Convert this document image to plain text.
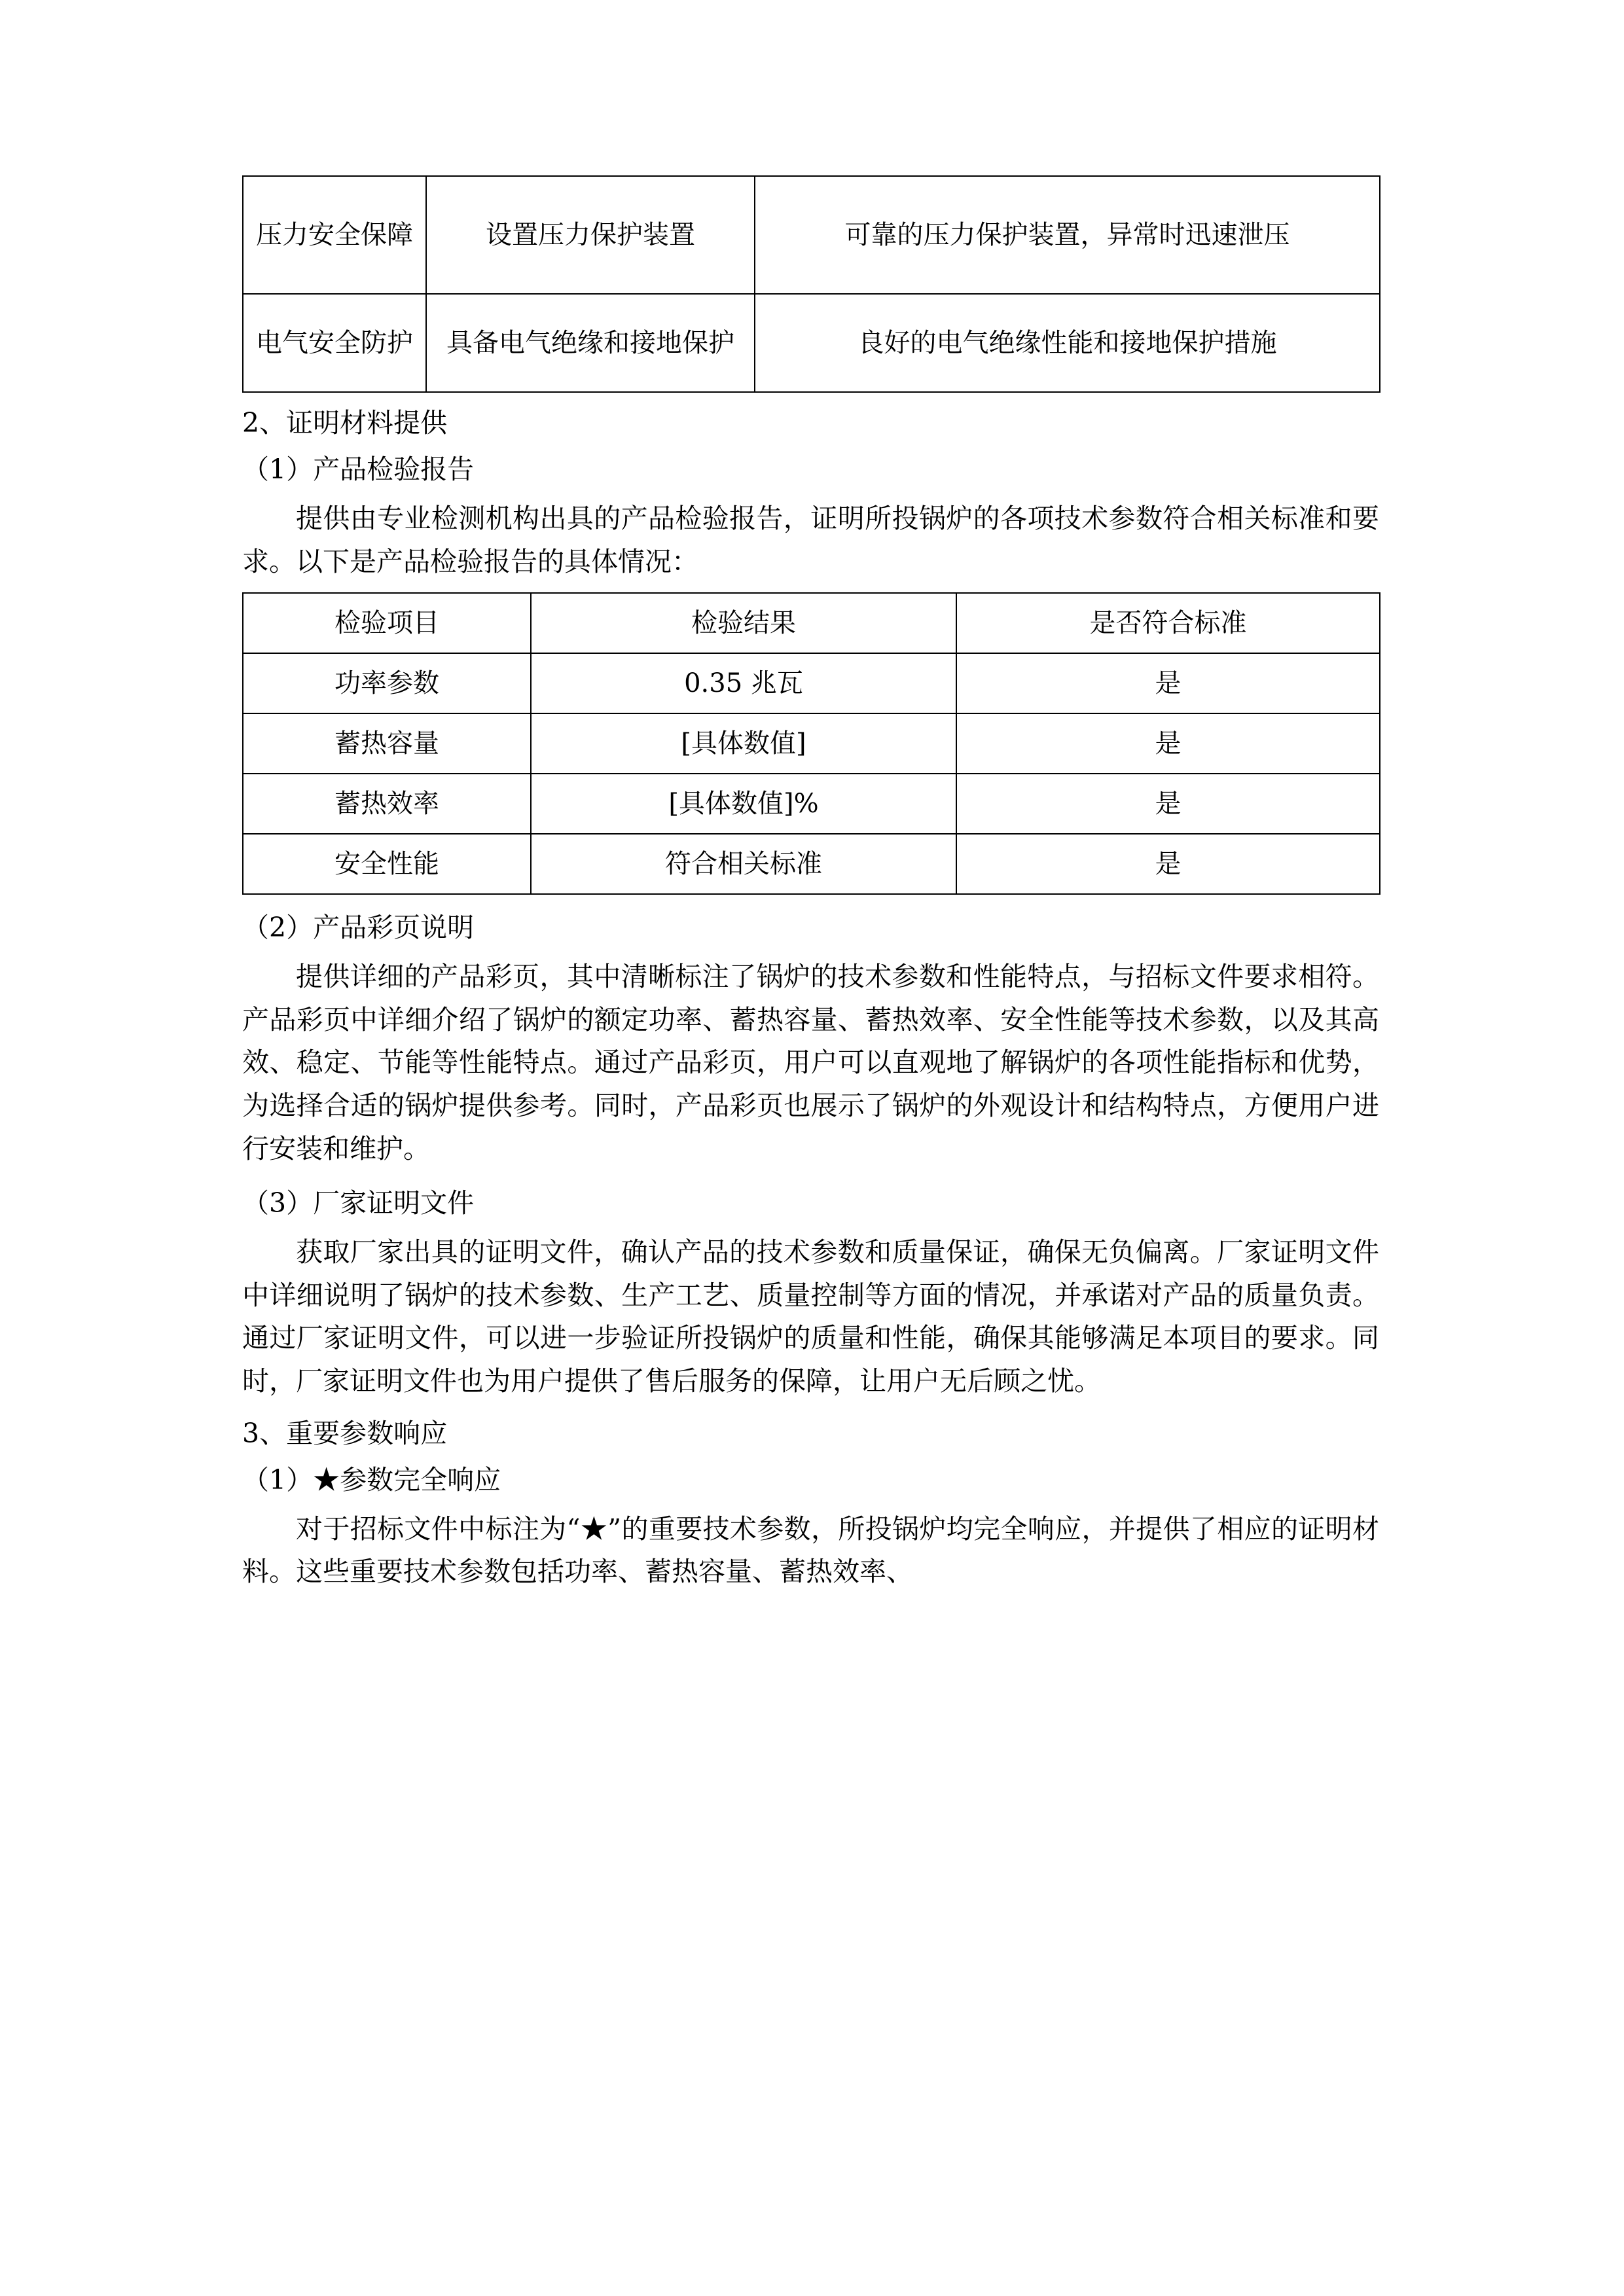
压力安全保障	设置压力保护装置	可靠的压力保护装置，异常时迅速泄压
电气安全防护	具备电气绝缘和接地保护	良好的电气绝缘性能和接地保护措施

2、证明材料提供

（1）产品检验报告

提供由专业检测机构出具的产品检验报告，证明所投锅炉的各项技术参数符合相关标准和要求。以下是产品检验报告的具体情况：

检验项目	检验结果	是否符合标准
功率参数	0.35 兆瓦	是
蓄热容量	[具体数值]	是
蓄热效率	[具体数值]%	是
安全性能	符合相关标准	是

（2）产品彩页说明

提供详细的产品彩页，其中清晰标注了锅炉的技术参数和性能特点，与招标文件要求相符。产品彩页中详细介绍了锅炉的额定功率、蓄热容量、蓄热效率、安全性能等技术参数，以及其高效、稳定、节能等性能特点。通过产品彩页，用户可以直观地了解锅炉的各项性能指标和优势，为选择合适的锅炉提供参考。同时，产品彩页也展示了锅炉的外观设计和结构特点，方便用户进行安装和维护。

（3）厂家证明文件

获取厂家出具的证明文件，确认产品的技术参数和质量保证，确保无负偏离。厂家证明文件中详细说明了锅炉的技术参数、生产工艺、质量控制等方面的情况，并承诺对产品的质量负责。通过厂家证明文件，可以进一步验证所投锅炉的质量和性能，确保其能够满足本项目的要求。同时，厂家证明文件也为用户提供了售后服务的保障，让用户无后顾之忧。

3、重要参数响应

（1）★参数完全响应

对于招标文件中标注为“★”的重要技术参数，所投锅炉均完全响应，并提供了相应的证明材料。这些重要技术参数包括功率、蓄热容量、蓄热效率、
